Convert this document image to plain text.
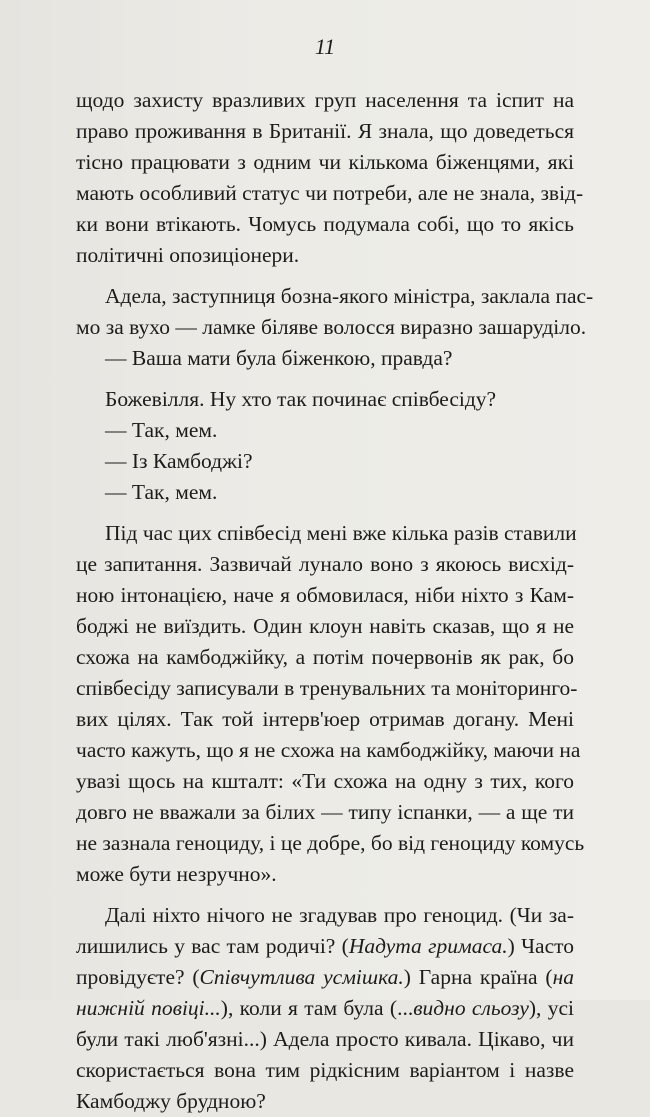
11
щодо захисту вразливих груп населення та іспит на
право проживання в Британії. Я знала, що доведеться
тісно працювати з одним чи кількома біженцями, які
мають особливий статус чи потреби, але не знала, звід-
ки вони втікають. Чомусь подумала собі, що то якісь
політичні опозиціонери.
Адела, заступниця бозна-якого міністра, заклала пас-
мо за вухо — ламке біляве волосся виразно зашаруділо.
— Ваша мати була біженкою, правда?
Божевілля. Ну хто так починає співбесіду?
— Так, мем.
— Із Камбоджі?
— Так, мем.
Під час цих співбесід мені вже кілька разів ставили
це запитання. Зазвичай лунало воно з якоюсь висхід-
ною інтонацією, наче я обмовилася, ніби ніхто з Кам-
боджі не виїздить. Один клоун навіть сказав, що я не
схожа на камбоджійку, а потім почервонів як рак, бо
співбесіду записували в тренувальних та моніторинго-
вих цілях. Так той інтерв'юер отримав догану. Мені
часто кажуть, що я не схожа на камбоджійку, маючи на
увазі щось на кшталт: «Ти схожа на одну з тих, кого
довго не вважали за білих — типу іспанки, — а ще ти
не зазнала геноциду, і це добре, бо від геноциду комусь
може бути незручно».
Далі ніхто нічого не згадував про геноцид. (Чи за-
лишились у вас там родичі? (Надута гримаса.) Часто
провідуєте? (Співчутлива усмішка.) Гарна країна (на
нижній повіці...), коли я там була (...видно сльозу), усі
були такі люб'язні...) Адела просто кивала. Цікаво, чи
скористається вона тим рідкісним варіантом і назве
Камбоджу брудною?
